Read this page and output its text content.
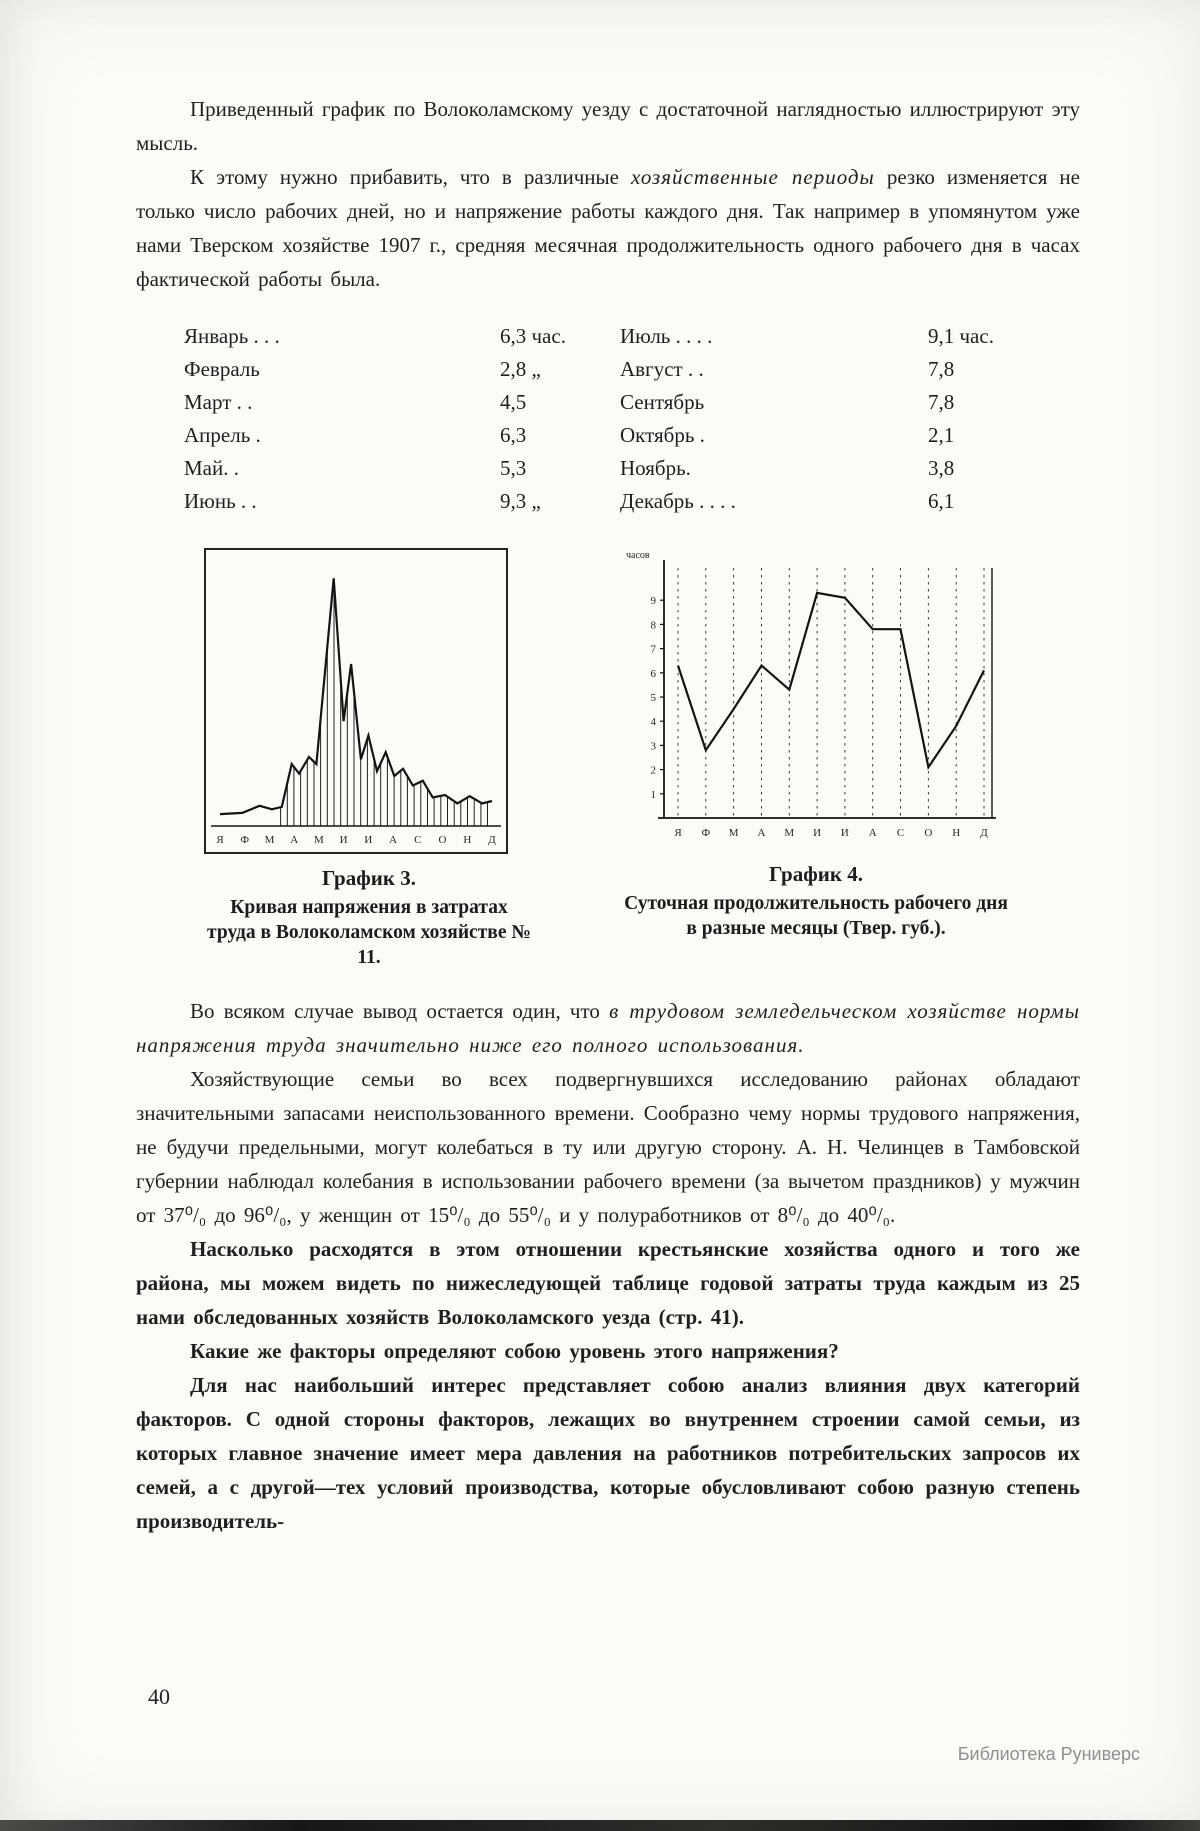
Приведенный график по Волоколамскому уезду с достаточной наглядностью иллюстрируют эту мысль.

К этому нужно прибавить, что в различные хозяйственные периоды резко изменяется не только число рабочих дней, но и напряжение работы каждого дня. Так например в упомянутом уже нами Тверском хозяйстве 1907 г., средняя месячная продолжительность одного рабочего дня в часах фактической работы была.

Январь . . .	6,3 час.	Июль . . . .	9,1 час.
Февраль	2,8 „	Август . .	7,8
Март . .	4,5	Сентябрь	7,8
Апрель .	6,3	Октябрь .	2,1
Май. .	5,3	Ноябрь.	3,8
Июнь . .	9,3 „	Декабрь . . . .	6,1
Я Ф М А М И И А С О Н Д
График 3.
Кривая напряжения в затратах труда в Волоколамском хозяйстве № 11.
1
2
3
4
5
6
7
8
9
часов
Я Ф М А М И И А С О Н Д
График 4.
Суточная продолжительность рабочего дня в разные месяцы (Твер. губ.).

Во всяком случае вывод остается один, что в трудовом земледельческом хозяйстве нормы напряжения труда значительно ниже его полного использования.

Хозяйствующие семьи во всех подвергнувшихся исследованию районах обладают значительными запасами неиспользованного времени. Сообразно чему нормы трудового напряжения, не будучи предельными, могут колебаться в ту или другую сторону. А. Н. Челинцев в Тамбовской губернии наблюдал колебания в использовании рабочего времени (за вычетом праздников) у мужчин от 37⁰/₀ до 96⁰/₀, у женщин от 15⁰/₀ до 55⁰/₀ и у полуработников от 8⁰/₀ до 40⁰/₀.

Насколько расходятся в этом отношении крестьянские хозяйства одного и того же района, мы можем видеть по нижеследующей таблице годовой затраты труда каждым из 25 нами обследованных хозяйств Волоколамского уезда (стр. 41).

Какие же факторы определяют собою уровень этого напряжения?

Для нас наибольший интерес представляет собою анализ влияния двух категорий факторов. С одной стороны факторов, лежащих во внутреннем строении самой семьи, из которых главное значение имеет мера давления на работников потребительских запросов их семей, а с другой—тех условий производства, которые обусловливают собою разную степень производитель-

40
Библиотека Руниверс
